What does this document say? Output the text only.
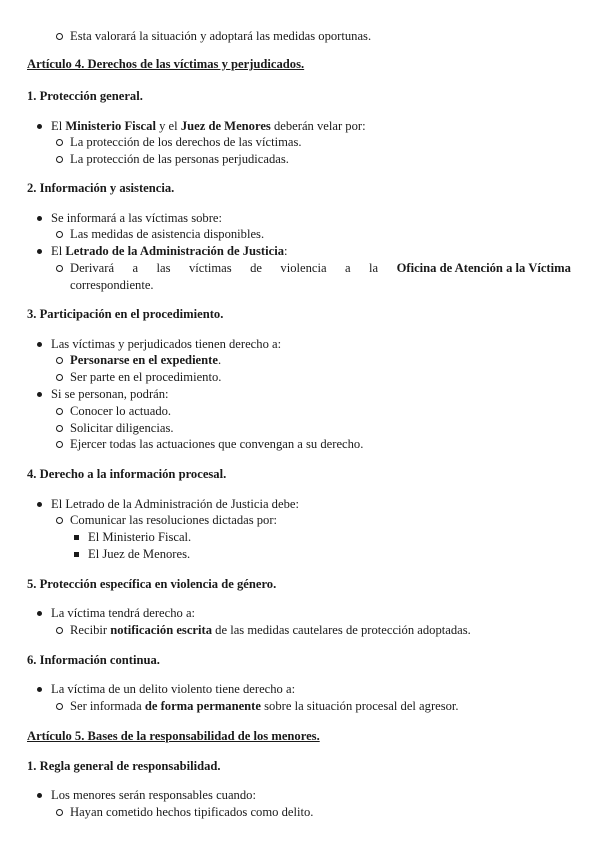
Esta valorará la situación y adoptará las medidas oportunas.
Artículo 4. Derechos de las víctimas y perjudicados.
1. Protección general.
El Ministerio Fiscal y el Juez de Menores deberán velar por:
La protección de los derechos de las víctimas.
La protección de las personas perjudicadas.
2. Información y asistencia.
Se informará a las víctimas sobre:
Las medidas de asistencia disponibles.
El Letrado de la Administración de Justicia:
Derivará a las víctimas de violencia a la Oficina de Atención a la Víctima
correspondiente.
3. Participación en el procedimiento.
Las víctimas y perjudicados tienen derecho a:
Personarse en el expediente.
Ser parte en el procedimiento.
Si se personan, podrán:
Conocer lo actuado.
Solicitar diligencias.
Ejercer todas las actuaciones que convengan a su derecho.
4. Derecho a la información procesal.
El Letrado de la Administración de Justicia debe:
Comunicar las resoluciones dictadas por:
El Ministerio Fiscal.
El Juez de Menores.
5. Protección específica en violencia de género.
La víctima tendrá derecho a:
Recibir notificación escrita de las medidas cautelares de protección adoptadas.
6. Información continua.
La víctima de un delito violento tiene derecho a:
Ser informada de forma permanente sobre la situación procesal del agresor.
Artículo 5. Bases de la responsabilidad de los menores.
1. Regla general de responsabilidad.
Los menores serán responsables cuando:
Hayan cometido hechos tipificados como delito.
